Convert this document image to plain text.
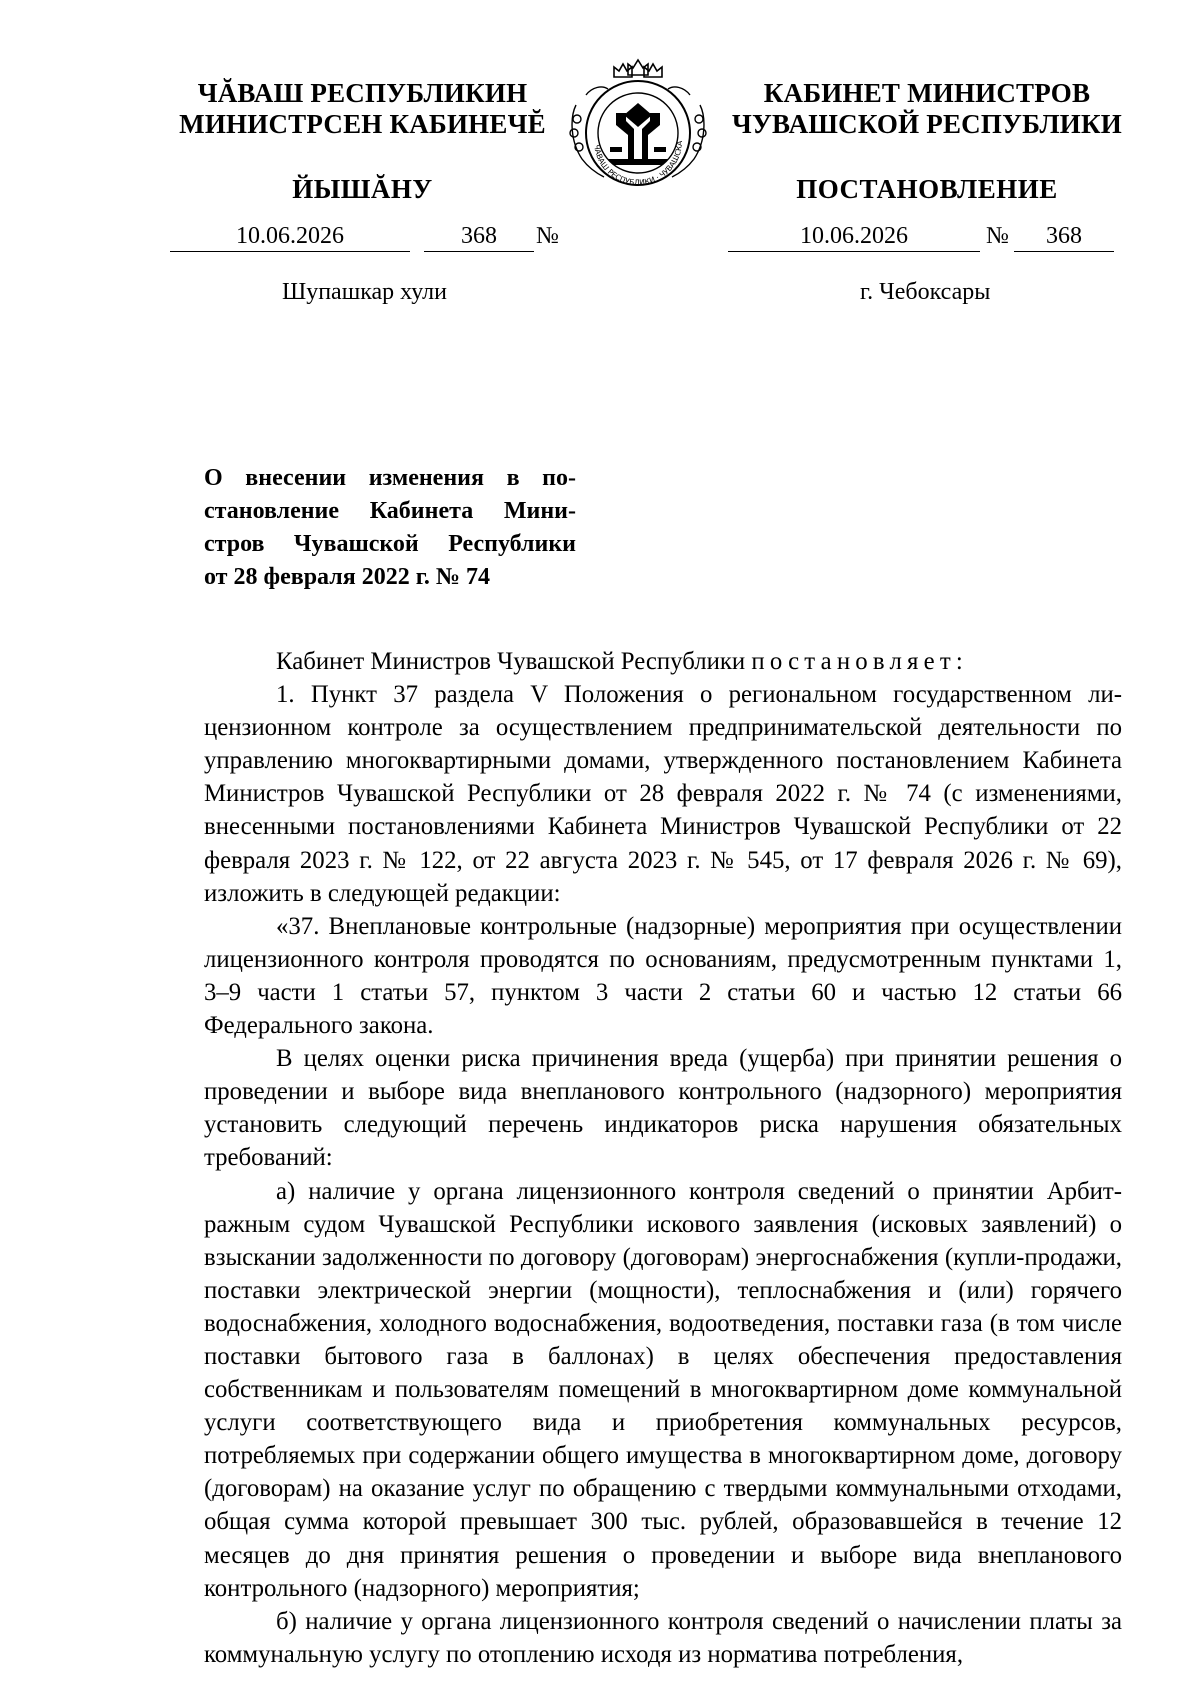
ЧĂВАШ РЕСПУБЛИКИН
МИНИСТРСЕН КАБИНЕЧĔ
ЙЫШĂНУ
ЧĂВАШ РЕСПУБЛИКИ · ЧУВАШСКА
КАБИНЕТ МИНИСТРОВ
ЧУВАШСКОЙ РЕСПУБЛИКИ
ПОСТАНОВЛЕНИЕ
10.06.2026	368	№	10.06.2026	№	368
Шупашкар хули	г. Чебоксары
О внесении изменения в по-
становление Кабинета Мини-
стров Чувашской Республики
от 28 февраля 2022 г. № 74

Кабинет Министров Чувашской Республики постановляет:

1. Пункт 37 раздела V Положения о региональном государственном лицензионном контроле за осуществлением предпринимательской деятельности по управлению многоквартирными домами, утвержденного постановлением Кабинета Министров Чувашской Республики от 28 февраля 2022 г. № 74 (с изменениями, внесенными постановлениями Кабинета Министров Чувашской Республики от 22 февраля 2023 г. № 122, от 22 августа 2023 г. № 545, от 17 февраля 2026 г. № 69), изложить в следующей редакции:

«37. Внеплановые контрольные (надзорные) мероприятия при осуществлении лицензионного контроля проводятся по основаниям, предусмотренным пунктами 1, 3–9 части 1 статьи 57, пунктом 3 части 2 статьи 60 и частью 12 статьи 66 Федерального закона.

В целях оценки риска причинения вреда (ущерба) при принятии решения о проведении и выборе вида внепланового контрольного (надзорного) мероприятия установить следующий перечень индикаторов риска нарушения обязательных требований:

а) наличие у органа лицензионного контроля сведений о принятии Арбитражным судом Чувашской Республики искового заявления (исковых заявлений) о взыскании задолженности по договору (договорам) энергоснабжения (купли-продажи, поставки электрической энергии (мощности), теплоснабжения и (или) горячего водоснабжения, холодного водоснабжения, водоотведения, поставки газа (в том числе поставки бытового газа в баллонах) в целях обеспечения предоставления собственникам и пользователям помещений в многоквартирном доме коммунальной услуги соответствующего вида и приобретения коммунальных ресурсов, потребляемых при содержании общего имущества в многоквартирном доме, договору (договорам) на оказание услуг по обращению с твердыми коммунальными отходами, общая сумма которой превышает 300 тыс. рублей, образовавшейся в течение 12 месяцев до дня принятия решения о проведении и выборе вида внепланового контрольного (надзорного) мероприятия;

б) наличие у органа лицензионного контроля сведений о начислении платы за коммунальную услугу по отоплению исходя из норматива потребления,
